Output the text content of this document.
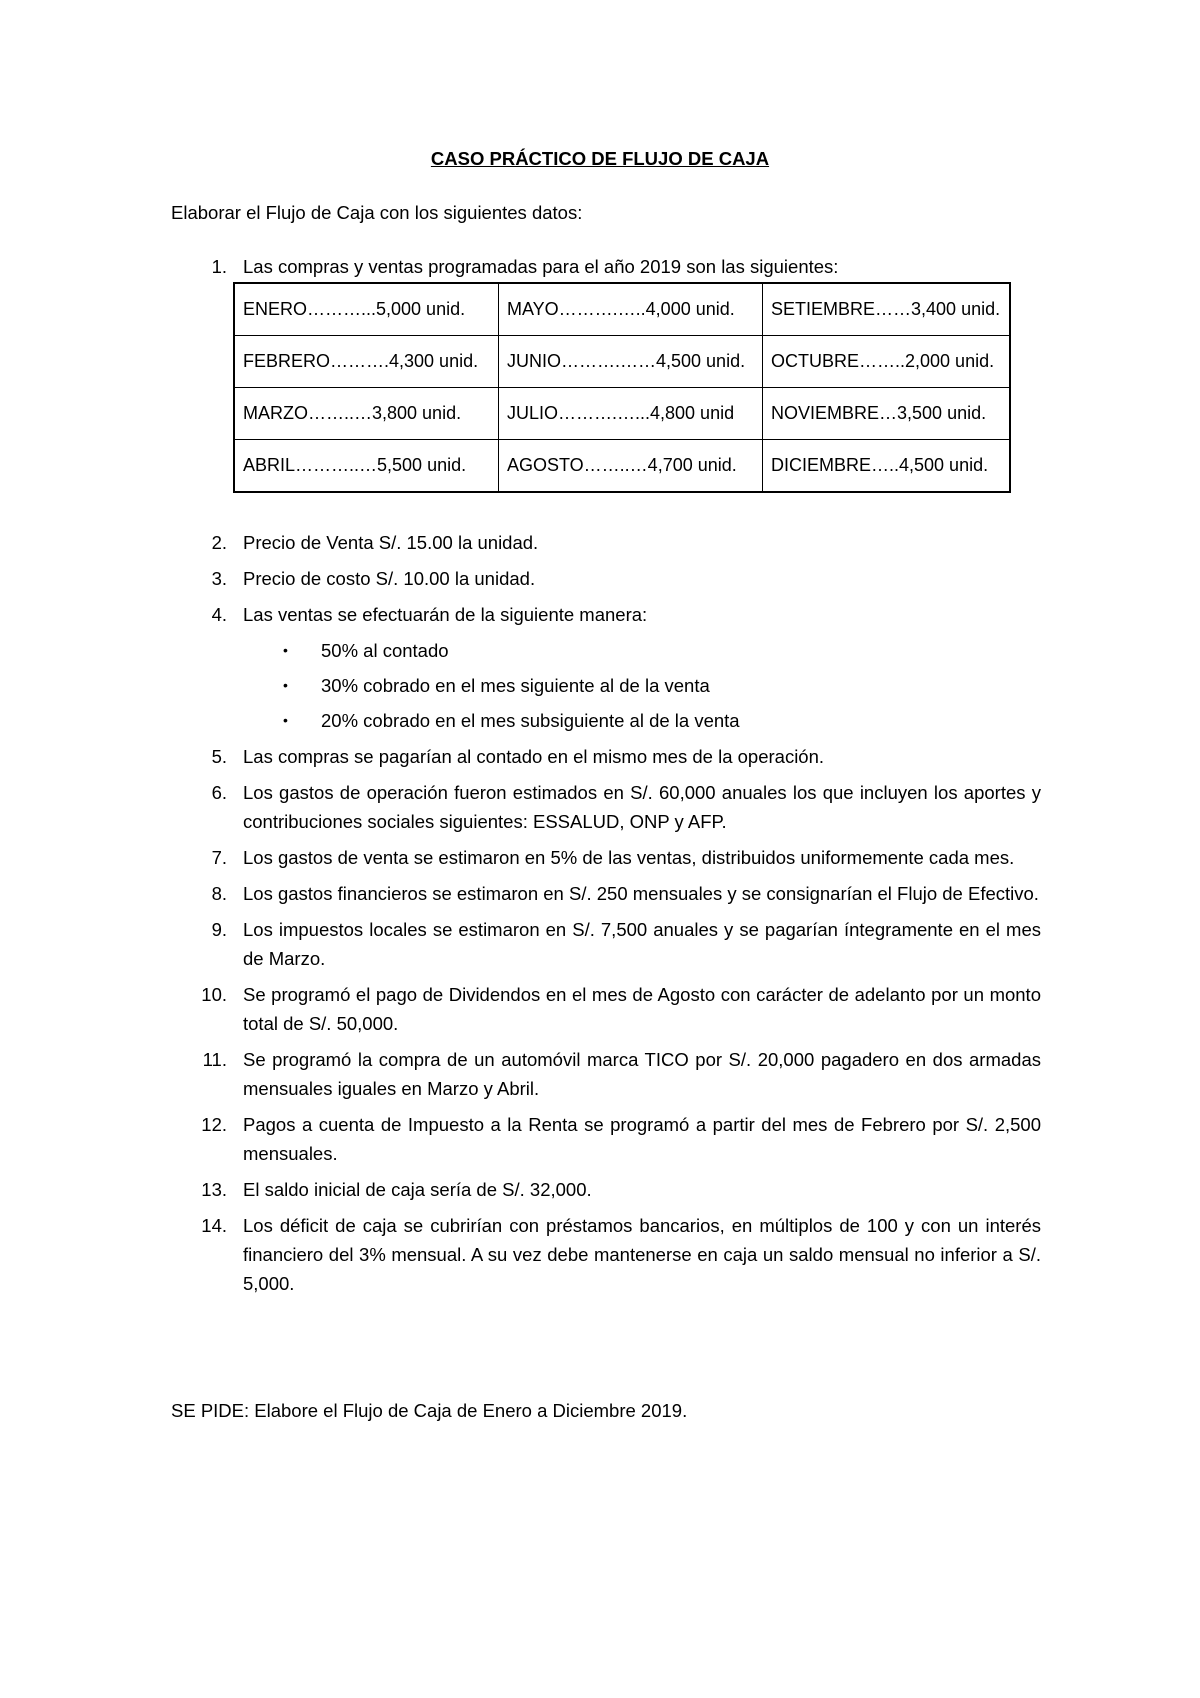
CASO PRÁCTICO DE FLUJO DE CAJA
Elaborar el Flujo de Caja con los siguientes datos:
1. Las compras y ventas programadas para el año 2019 son las siguientes:
ENERO………...5,000 unid.	MAYO……….…..4,000 unid.	SETIEMBRE……3,400 unid.
FEBRERO……….4,300 unid.	JUNIO……….……4,500 unid.	OCTUBRE……..2,000 unid.
MARZO……..…3,800 unid.	JULIO……….…...4,800 unid	NOVIEMBRE…3,500 unid.
ABRIL………..…5,500 unid.	AGOSTO……..…4,700 unid.	DICIEMBRE…..4,500 unid.
2. Precio de Venta S/. 15.00 la unidad.
3. Precio de costo S/. 10.00 la unidad.
4. Las ventas se efectuarán de la siguiente manera:
• 50% al contado
• 30% cobrado en el mes siguiente al de la venta
• 20% cobrado en el mes subsiguiente al de la venta
5. Las compras se pagarían al contado en el mismo mes de la operación.
6. Los gastos de operación fueron estimados en S/. 60,000 anuales los que incluyen los aportes y contribuciones sociales siguientes: ESSALUD, ONP y AFP.
7. Los gastos de venta se estimaron en 5% de las ventas, distribuidos uniformemente cada mes.
8. Los gastos financieros se estimaron en S/. 250 mensuales y se consignarían el Flujo de Efectivo.
9. Los impuestos locales se estimaron en S/. 7,500 anuales y se pagarían íntegramente en el mes de Marzo.
10. Se programó el pago de Dividendos en el mes de Agosto con carácter de adelanto por un monto total de S/. 50,000.
11. Se programó la compra de un automóvil marca TICO por S/. 20,000 pagadero en dos armadas mensuales iguales en Marzo y Abril.
12. Pagos a cuenta de Impuesto a la Renta se programó a partir del mes de Febrero por S/. 2,500 mensuales.
13. El saldo inicial de caja sería de S/. 32,000.
14. Los déficit de caja se cubrirían con préstamos bancarios, en múltiplos de 100 y con un interés financiero del 3% mensual. A su vez debe mantenerse en caja un saldo mensual no inferior a S/. 5,000.
SE PIDE: Elabore el Flujo de Caja de Enero a Diciembre 2019.
